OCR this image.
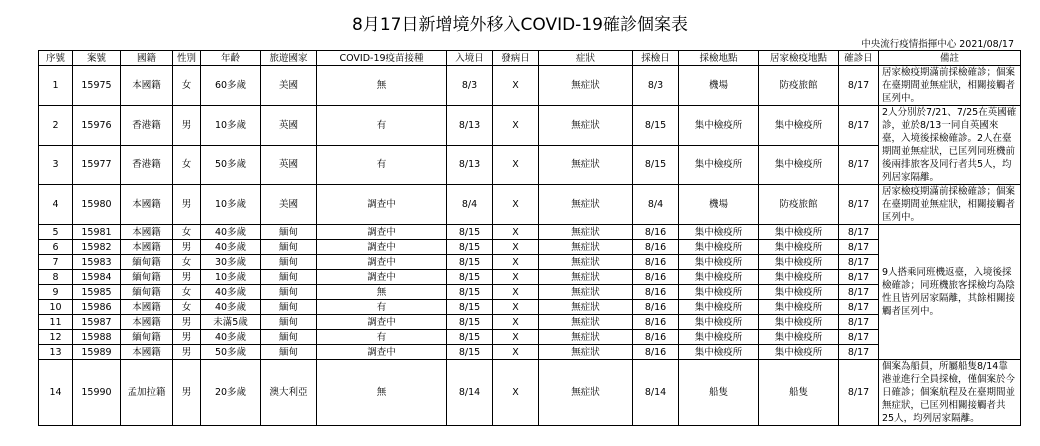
8月17日新增境外移入COVID-19確診個案表
中央流行疫情指揮中心 2021/08/17
序號	案號	國籍	性別	年齡	旅遊國家	COVID-19疫苗接種	入境日	發病日	症狀	採檢日	採檢地點	居家檢疫地點	確診日	備註
1	15975	本國籍	女	60多歲	美國	無	8/3	X	無症狀	8/3	機場	防疫旅館	8/17	居家檢疫期滿前採檢確診；個案在臺期間並無症狀，相關接觸者匡列中。
2	15976	香港籍	男	10多歲	英國	有	8/13	X	無症狀	8/15	集中檢疫所	集中檢疫所	8/17	2人分別於7/21、7/25在英國確診，並於8/13一同自英國來臺，入境後採檢確診。2人在臺期間並無症狀，已匡列同班機前後兩排旅客及同行者共5人，均列居家隔離。
3	15977	香港籍	女	50多歲	英國	有	8/13	X	無症狀	8/15	集中檢疫所	集中檢疫所	8/17	
4	15980	本國籍	男	10多歲	美國	調查中	8/4	X	無症狀	8/4	機場	防疫旅館	8/17	居家檢疫期滿前採檢確診；個案在臺期間並無症狀，相關接觸者匡列中。
5	15981	本國籍	女	40多歲	緬甸	調查中	8/15	X	無症狀	8/16	集中檢疫所	集中檢疫所	8/17	9人搭乘同班機返臺，入境後採檢確診；同班機旅客採檢均為陰性且皆列居家隔離，其餘相關接觸者匡列中。
6	15982	本國籍	男	40多歲	緬甸	調查中	8/15	X	無症狀	8/16	集中檢疫所	集中檢疫所	8/17	
7	15983	緬甸籍	女	30多歲	緬甸	調查中	8/15	X	無症狀	8/16	集中檢疫所	集中檢疫所	8/17	
8	15984	緬甸籍	男	10多歲	緬甸	調查中	8/15	X	無症狀	8/16	集中檢疫所	集中檢疫所	8/17	
9	15985	緬甸籍	女	40多歲	緬甸	無	8/15	X	無症狀	8/16	集中檢疫所	集中檢疫所	8/17	
10	15986	本國籍	女	40多歲	緬甸	有	8/15	X	無症狀	8/16	集中檢疫所	集中檢疫所	8/17	
11	15987	本國籍	男	未滿5歲	緬甸	調查中	8/15	X	無症狀	8/16	集中檢疫所	集中檢疫所	8/17	
12	15988	緬甸籍	男	40多歲	緬甸	有	8/15	X	無症狀	8/16	集中檢疫所	集中檢疫所	8/17	
13	15989	本國籍	男	50多歲	緬甸	調查中	8/15	X	無症狀	8/16	集中檢疫所	集中檢疫所	8/17	
14	15990	孟加拉籍	男	20多歲	澳大利亞	無	8/14	X	無症狀	8/14	船隻	船隻	8/17	個案為船員，所屬船隻8/14靠港並進行全員採檢，僅個案於今日確診；個案航程及在臺期間並無症狀，已匡列相關接觸者共25人，均列居家隔離。
